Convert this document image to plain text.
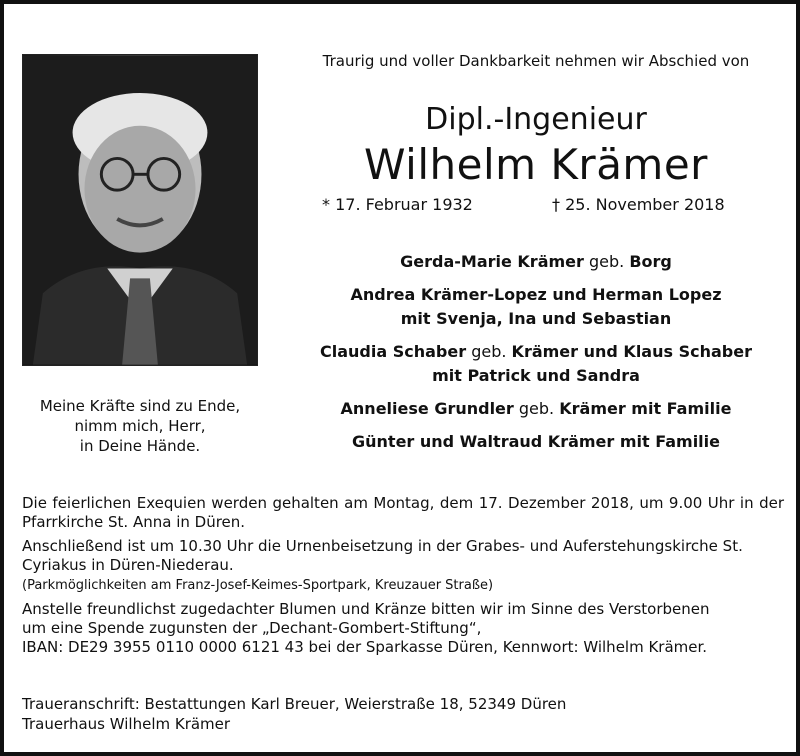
Meine Kräfte sind zu Ende,
nimm mich, Herr,
in Deine Hände.
Traurig und voller Dankbarkeit nehmen wir Abschied von
Dipl.-Ingenieur
Wilhelm Krämer
* 17. Februar 1932	† 25. November 2018
Gerda-Marie Krämer geb. Borg
Andrea Krämer-Lopez und Herman Lopez
mit Svenja, Ina und Sebastian
Claudia Schaber geb. Krämer und Klaus Schaber
mit Patrick und Sandra
Anneliese Grundler geb. Krämer mit Familie
Günter und Waltraud Krämer mit Familie

Die feierlichen Exequien werden gehalten am Montag, dem 17. Dezember 2018, um 9.00 Uhr in der Pfarrkirche St. Anna in Düren.

Anschließend ist um 10.30 Uhr die Urnenbeisetzung in der Grabes- und Auferstehungskirche St. Cyriakus in Düren-Niederau.
(Parkmöglichkeiten am Franz-Josef-Keimes-Sportpark, Kreuzauer Straße)

Anstelle freundlichst zugedachter Blumen und Kränze bitten wir im Sinne des Verstorbenen
um eine Spende zugunsten der „Dechant-Gombert-Stiftung“,
IBAN: DE29 3955 0110 0000 6121 43 bei der Sparkasse Düren, Kennwort: Wilhelm Krämer.

Traueranschrift: Bestattungen Karl Breuer, Weierstraße 18, 52349 Düren
Trauerhaus Wilhelm Krämer
